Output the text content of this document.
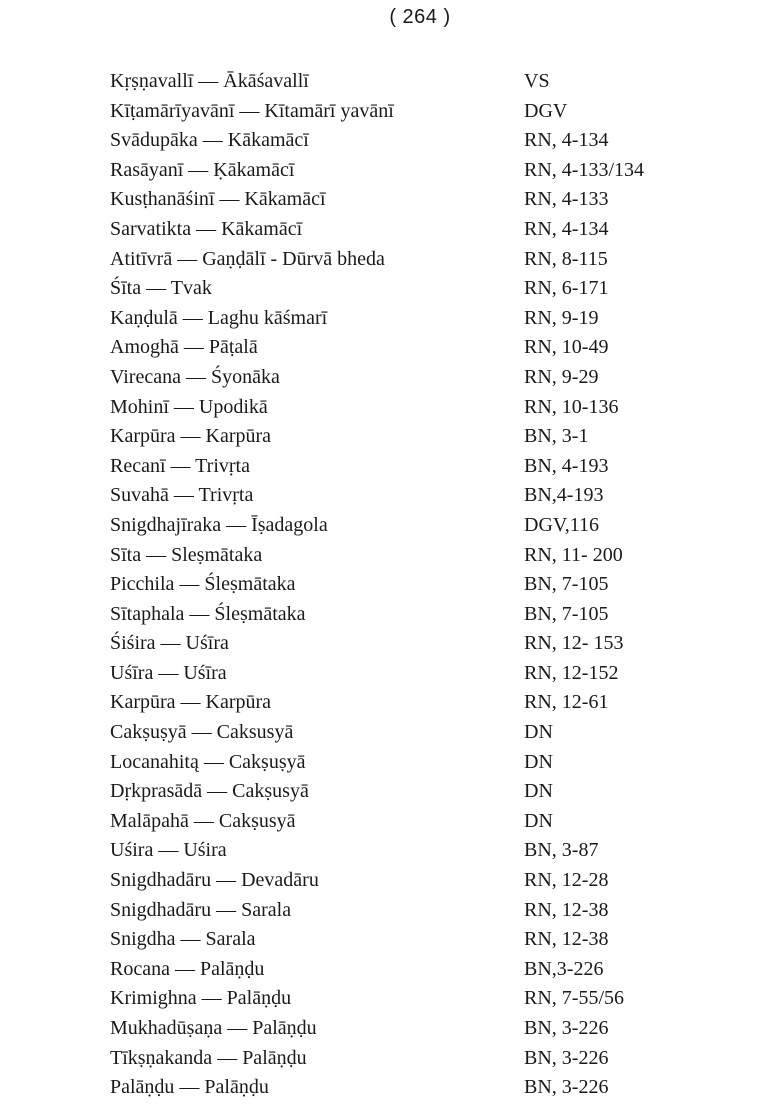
( 264 )
Kṛṣṇavallī — Ākāśavallī	VS
Kīṭamārīyavānī — Kītamārī yavānī	DGV
Svādupāka — Kākamācī	RN, 4-134
Rasāyanī — Ḳākamācī	RN, 4-133/134
Kusṭhanāśinī — Kākamācī	RN, 4-133
Sarvatikta — Kākamācī	RN, 4-134
Atitīvrā — Gaṇḍālī - Dūrvā bheda	RN, 8-115
Śīta — Tvak	RN, 6-171
Kaṇḍulā — Laghu kāśmarī	RN, 9-19
Amoghā — Pāṭalā	RN, 10-49
Virecana — Śyonāka	RN, 9-29
Mohinī — Upodikā	RN, 10-136
Karpūra — Karpūra	BN, 3-1
Recanī — Trivṛta	BN, 4-193
Suvahā — Trivṛta	BN,4-193
Snigdhajīraka — Īṣadagola	DGV,116
Sīta — Sleṣmātaka	RN, 11- 200
Picchila — Śleṣmātaka	BN, 7-105
Sītaphala — Śleṣmātaka	BN, 7-105
Śiśira — Uśīra	RN, 12- 153
Uśīra — Uśīra	RN, 12-152
Karpūra — Karpūra	RN, 12-61
Cakṣuṣyā — Caksusyā	DN
Locanahitą — Cakṣuṣyā	DN
Dṛkprasādā — Cakṣusyā	DN
Malāpahā — Cakṣusyā	DN
Uśira — Uśira	BN, 3-87
Snigdhadāru — Devadāru	RN, 12-28
Snigdhadāru — Sarala	RN, 12-38
Snigdha — Sarala	RN, 12-38
Rocana — Palāṇḍu	BN,3-226
Krimighna — Palāṇḍu	RN, 7-55/56
Mukhadūṣaṇa — Palāṇḍu	BN, 3-226
Tīkṣṇakanda — Palāṇḍu	BN, 3-226
Palāṇḍu — Palāṇḍu	BN, 3-226
